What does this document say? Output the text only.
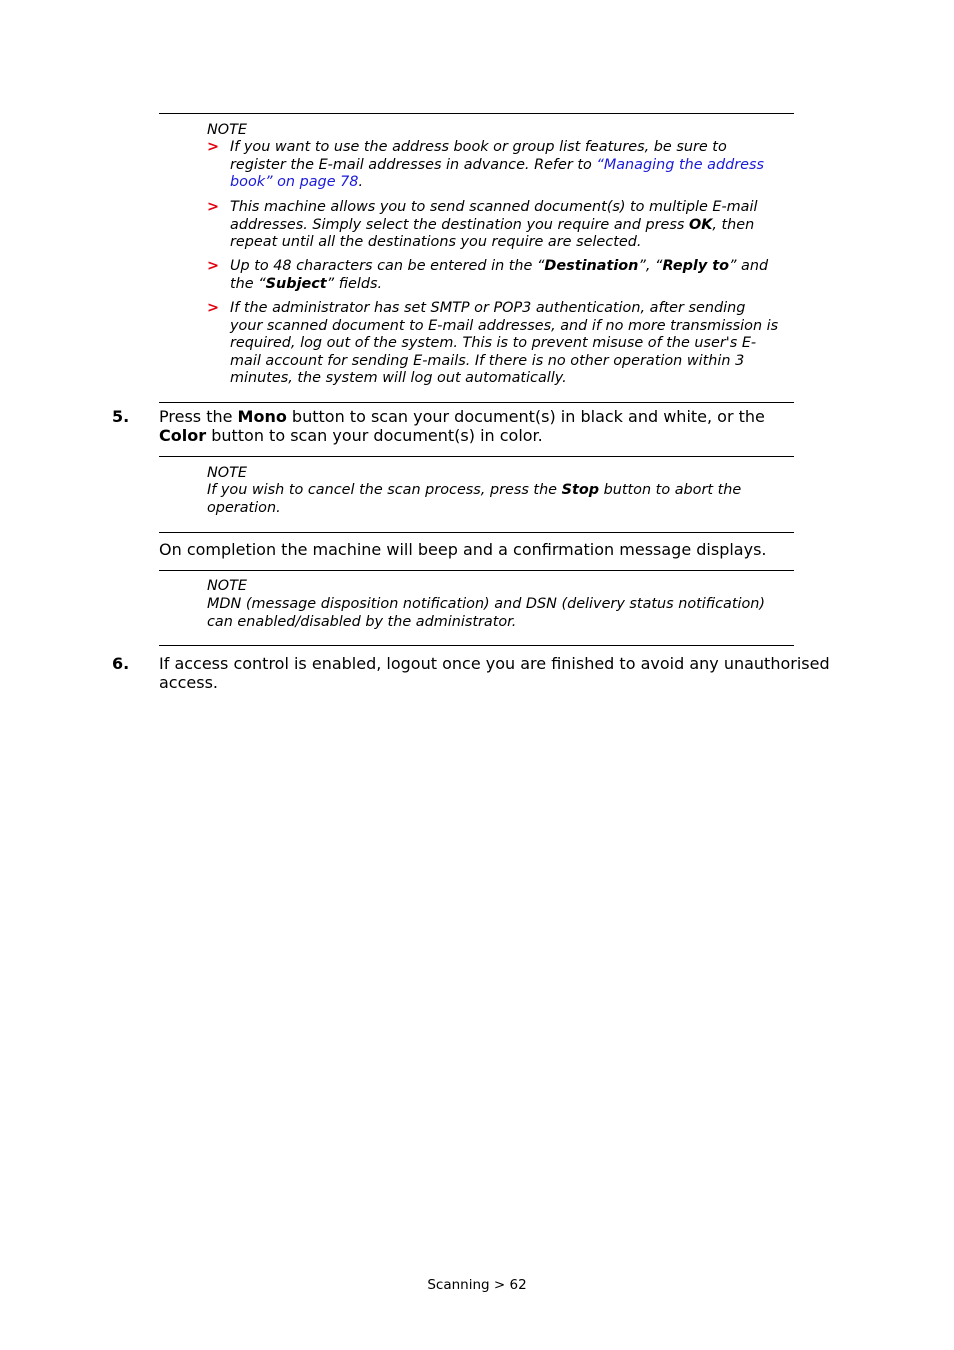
NOTE
> If you want to use the address book or group list features, be sure to register the E-mail addresses in advance. Refer to “Managing the address book” on page 78.
> This machine allows you to send scanned document(s) to multiple E-mail addresses. Simply select the destination you require and press OK, then repeat until all the destinations you require are selected.
> Up to 48 characters can be entered in the “Destination”, “Reply to” and the “Subject” fields.
> If the administrator has set SMTP or POP3 authentication, after sending your scanned document to E-mail addresses, and if no more transmission is required, log out of the system. This is to prevent misuse of the user's E-mail account for sending E-mails. If there is no other operation within 3 minutes, the system will log out automatically.
5. Press the Mono button to scan your document(s) in black and white, or the Color button to scan your document(s) in color.
NOTE
If you wish to cancel the scan process, press the Stop button to abort the operation.
On completion the machine will beep and a confirmation message displays.
NOTE
MDN (message disposition notification) and DSN (delivery status notification) can enabled/disabled by the administrator.
6. If access control is enabled, logout once you are finished to avoid any unauthorised access.
Scanning > 62
